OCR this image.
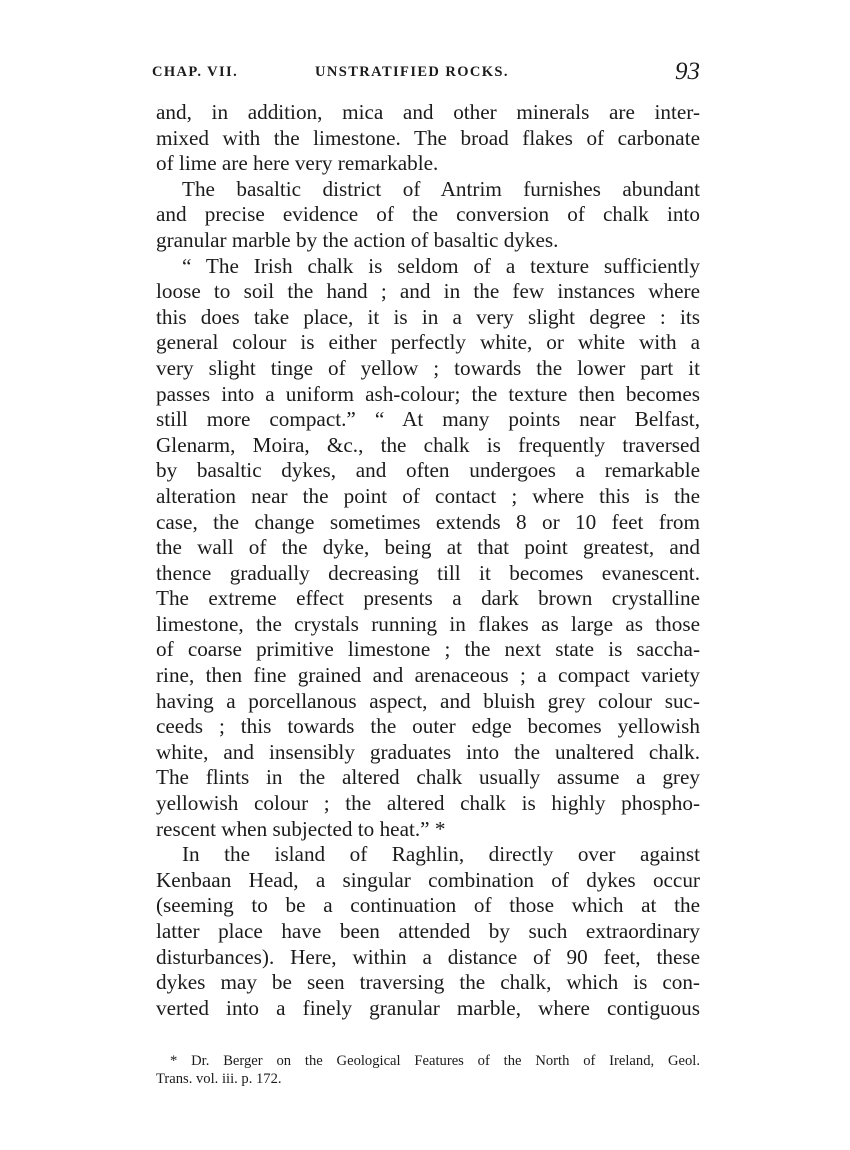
CHAP. VII.	UNSTRATIFIED ROCKS.	93
and, in addition, mica and other minerals are inter-
mixed with the limestone. The broad flakes of carbonate
of lime are here very remarkable.
The basaltic district of Antrim furnishes abundant
and precise evidence of the conversion of chalk into
granular marble by the action of basaltic dykes.
“ The Irish chalk is seldom of a texture sufficiently
loose to soil the hand ; and in the few instances where
this does take place, it is in a very slight degree : its
general colour is either perfectly white, or white with a
very slight tinge of yellow ; towards the lower part it
passes into a uniform ash-colour; the texture then becomes
still more compact.” “ At many points near Belfast,
Glenarm, Moira, &c., the chalk is frequently traversed
by basaltic dykes, and often undergoes a remarkable
alteration near the point of contact ; where this is the
case, the change sometimes extends 8 or 10 feet from
the wall of the dyke, being at that point greatest, and
thence gradually decreasing till it becomes evanescent.
The extreme effect presents a dark brown crystalline
limestone, the crystals running in flakes as large as those
of coarse primitive limestone ; the next state is saccha-
rine, then fine grained and arenaceous ; a compact variety
having a porcellanous aspect, and bluish grey colour suc-
ceeds ; this towards the outer edge becomes yellowish
white, and insensibly graduates into the unaltered chalk.
The flints in the altered chalk usually assume a grey
yellowish colour ; the altered chalk is highly phospho-
rescent when subjected to heat.” *
In the island of Raghlin, directly over against
Kenbaan Head, a singular combination of dykes occur
(seeming to be a continuation of those which at the
latter place have been attended by such extraordinary
disturbances). Here, within a distance of 90 feet, these
dykes may be seen traversing the chalk, which is con-
verted into a finely granular marble, where contiguous
* Dr. Berger on the Geological Features of the North of Ireland, Geol.
Trans. vol. iii. p. 172.
